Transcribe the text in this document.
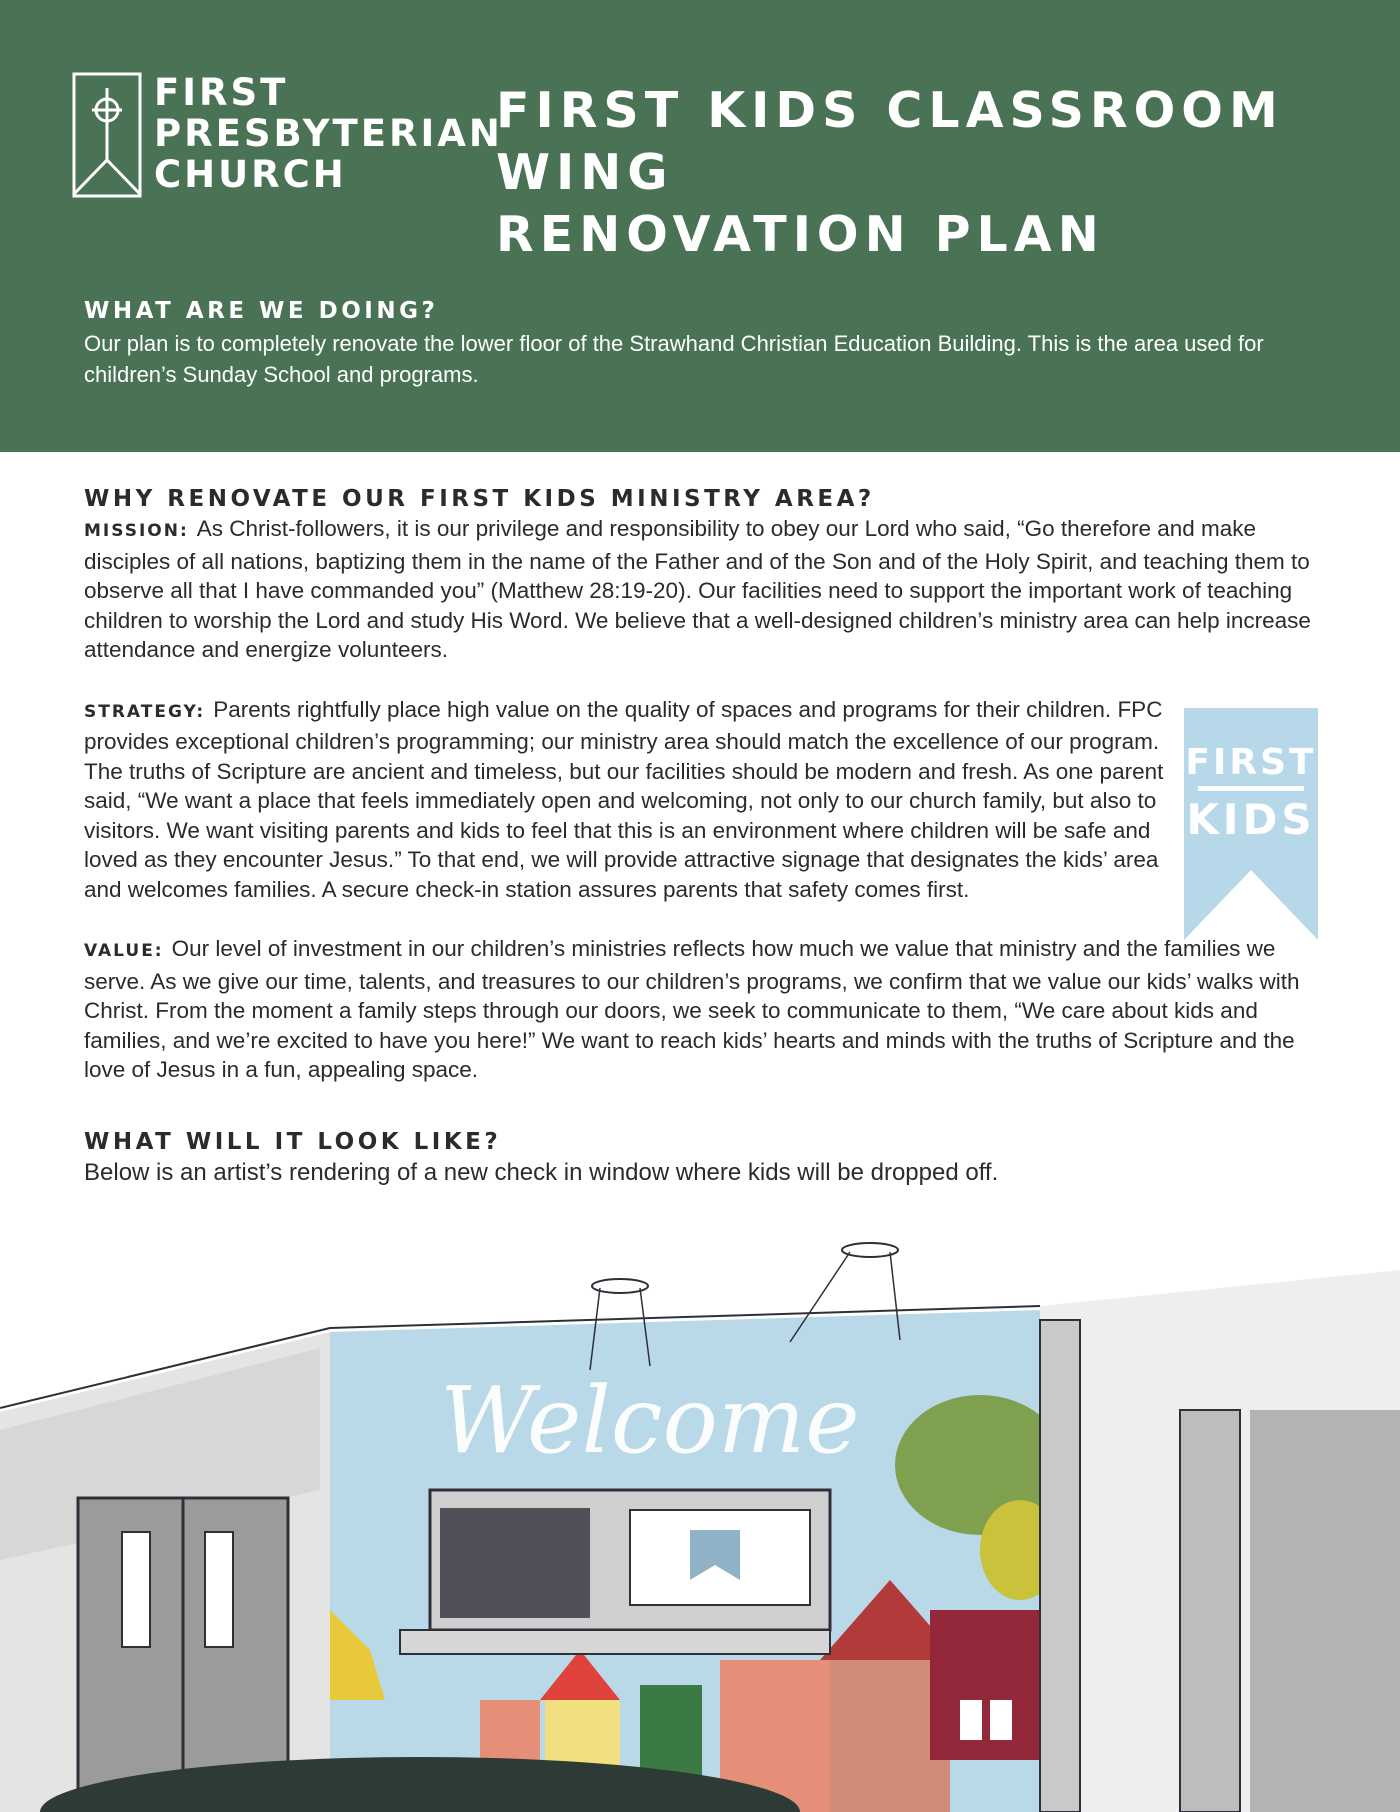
FIRST
PRESBYTERIAN
CHURCH
FIRST KIDS CLASSROOM WING
RENOVATION PLAN
WHAT ARE WE DOING?

Our plan is to completely renovate the lower floor of the Strawhand Christian Education Building. This is the area used for children’s Sunday School and programs.

WHY RENOVATE OUR FIRST KIDS MINISTRY AREA?

MISSION: As Christ-followers, it is our privilege and responsibility to obey our Lord who said, “Go therefore and make disciples of all nations, baptizing them in the name of the Father and of the Son and of the Holy Spirit, and teaching them to observe all that I have commanded you” (Matthew 28:19-20). Our facilities need to support the important work of teaching children to worship the Lord and study His Word. We believe that a well-designed children’s ministry area can help increase attendance and energize volunteers.

STRATEGY: Parents rightfully place high value on the quality of spaces and programs for their children. FPC provides exceptional children’s programming; our ministry area should match the excellence of our program. The truths of Scripture are ancient and timeless, but our facilities should be modern and fresh. As one parent said, “We want a place that feels immediately open and welcoming, not only to our church family, but also to visitors. We want visiting parents and kids to feel that this is an environment where children will be safe and loved as they encounter Jesus.” To that end, we will provide attractive signage that designates the kids’ area and welcomes families. A secure check-in station assures parents that safety comes first.

VALUE: Our level of investment in our children’s ministries reflects how much we value that ministry and the families we serve. As we give our time, talents, and treasures to our children’s programs, we confirm that we value our kids’ walks with Christ. From the moment a family steps through our doors, we seek to communicate to them, “We care about kids and families, and we’re excited to have you here!” We want to reach kids’ hearts and minds with the truths of Scripture and the love of Jesus in a fun, appealing space.

WHAT WILL IT LOOK LIKE?

Below is an artist’s rendering of a new check in window where kids will be dropped off.

FIRST
KIDS
Welcome
